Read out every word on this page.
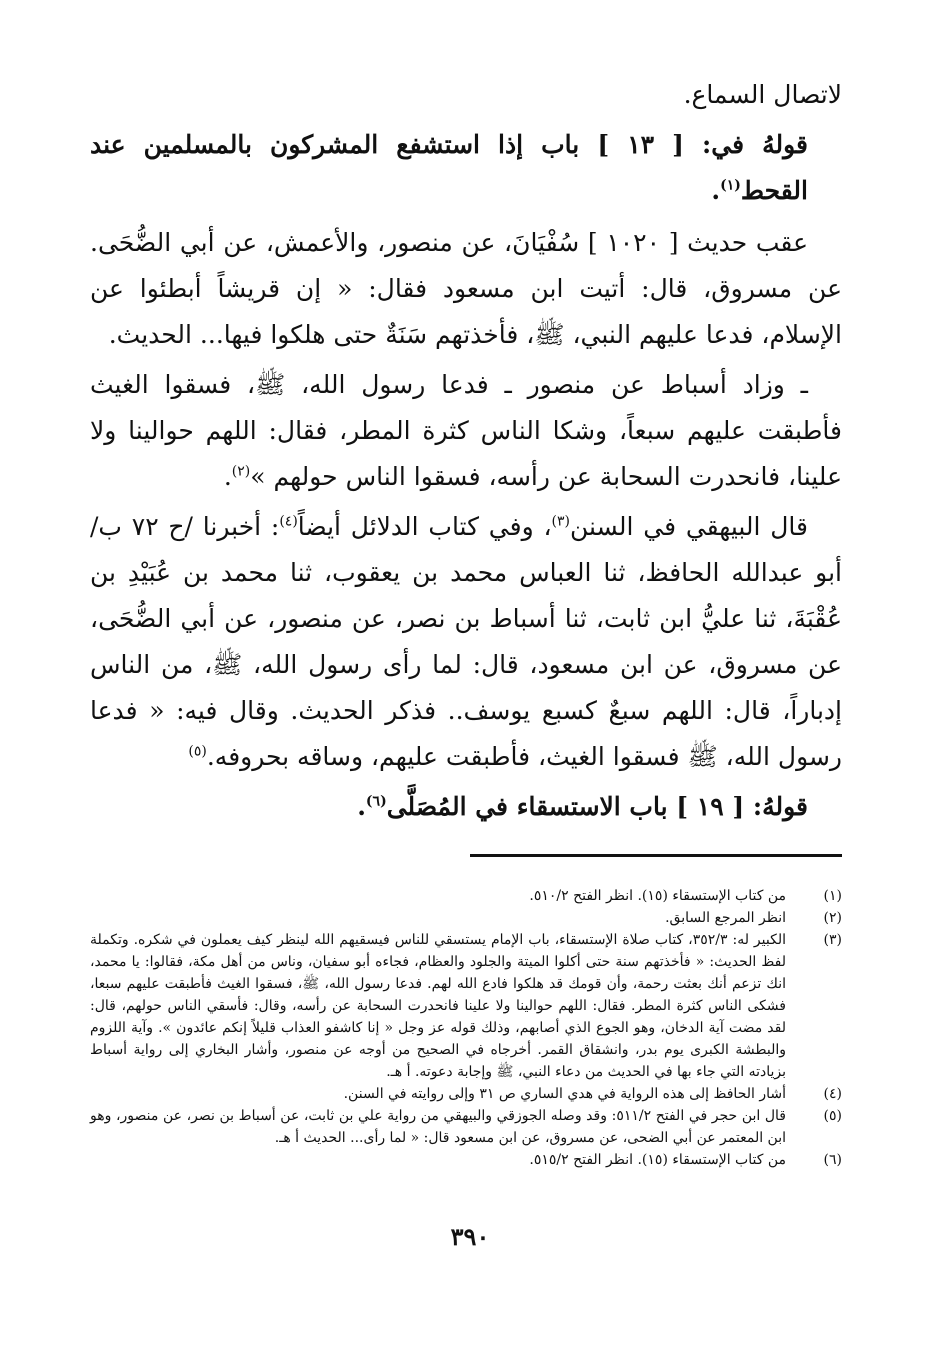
لاتصال السماع.

قولهُ في: [ ١٣ ] باب إذا استشفع المشركون بالمسلمين عند القحط$^{(١)}$.

عقب حديث [ ١٠٢٠ ] سُفْيَانَ، عن منصور، والأعمش، عن أبي الضُّحَى. عن مسروق، قال: أتيت ابن مسعود فقال: « إن قريشاً أبطئوا عن الإسلام، فدعا عليهم النبي، ﷺ، فأخذتهم سَنَةٌ حتى هلكوا فيها... الحديث.

ـ وزاد أسباط عن منصور ـ فدعا رسول الله، ﷺ، فسقوا الغيث فأطبقت عليهم سبعاً، وشكا الناس كثرة المطر، فقال: اللهم حوالينا ولا علينا، فانحدرت السحابة عن رأسه، فسقوا الناس حولهم »$^{(٢)}$.

قال البيهقي في السنن$^{(٣)}$، وفي كتاب الدلائل أيضاً$^{(٤)}$: أخبرنا /ح ٧٢ ب/ أبو عبدالله الحافظ، ثنا العباس محمد بن يعقوب، ثنا محمد بن عُبَيْدِ بن عُقْبَةَ، ثنا عليُّ ابن ثابت، ثنا أسباط بن نصر، عن منصور، عن أبي الضُّحَى، عن مسروق، عن ابن مسعود، قال: لما رأى رسول الله، ﷺ، من الناس إدباراً، قال: اللهم سبعٌ كسبع يوسف.. فذكر الحديث. وقال فيه: « فدعا رسول الله، ﷺ فسقوا الغيث، فأطبقت عليهم، وساقه بحروفه.$^{(٥)}$

قولهُ: [ ١٩ ] باب الاستسقاء في المُصَلَّى$^{(٦)}$.

(١)
من كتاب الإستسقاء (١٥). انظر الفتح ٥١٠/٢.
(٢)
انظر المرجع السابق.
(٣)
الكبير له: ٣٥٢/٣، كتاب صلاة الإستسقاء، باب الإمام يستسقي للناس فيسقيهم الله لينظر كيف يعملون في شكره. وتكملة لفظ الحديث: « فأخذتهم سنة حتى أكلوا الميتة والجلود والعظام، فجاءه أبو سفيان، وناس من أهل مكة، فقالوا: يا محمد، انك تزعم أنك بعثت رحمة، وأن قومك قد هلكوا فادع الله لهم. فدعا رسول الله، ﷺ، فسقوا الغيث فأطبقت عليهم سبعا، فشكى الناس كثرة المطر. فقال: اللهم حوالينا ولا علينا فانحدرت السحابة عن رأسه، وقال: فأسقي الناس حولهم، قال: لقد مضت آية الدخان، وهو الجوع الذي أصابهم، وذلك قوله عز وجل « إنا كاشفو العذاب قليلاً إنكم عائدون ». وآية اللزوم والبطشة الكبرى يوم بدر، وانشقاق القمر. أخرجاه في الصحيح من أوجه عن منصور، وأشار البخاري إلى رواية أسباط بزيادته التي جاء بها في الحديث من دعاء النبي، ﷺ وإجابة دعوته. أ هـ.
(٤)
أشار الحافظ إلى هذه الرواية في هدي الساري ص ٣١ وإلى روايته في السنن.
(٥)
قال ابن حجر في الفتح ٥١١/٢: وقد وصله الجوزقي والبيهقي من رواية علي بن ثابت، عن أسباط بن نصر، عن منصور، وهو ابن المعتمر عن أبي الضحى، عن مسروق، عن ابن مسعود قال: « لما رأى... الحديث أ هـ.
(٦)
من كتاب الإستسقاء (١٥). انظر الفتح ٥١٥/٢.
٣٩٠
